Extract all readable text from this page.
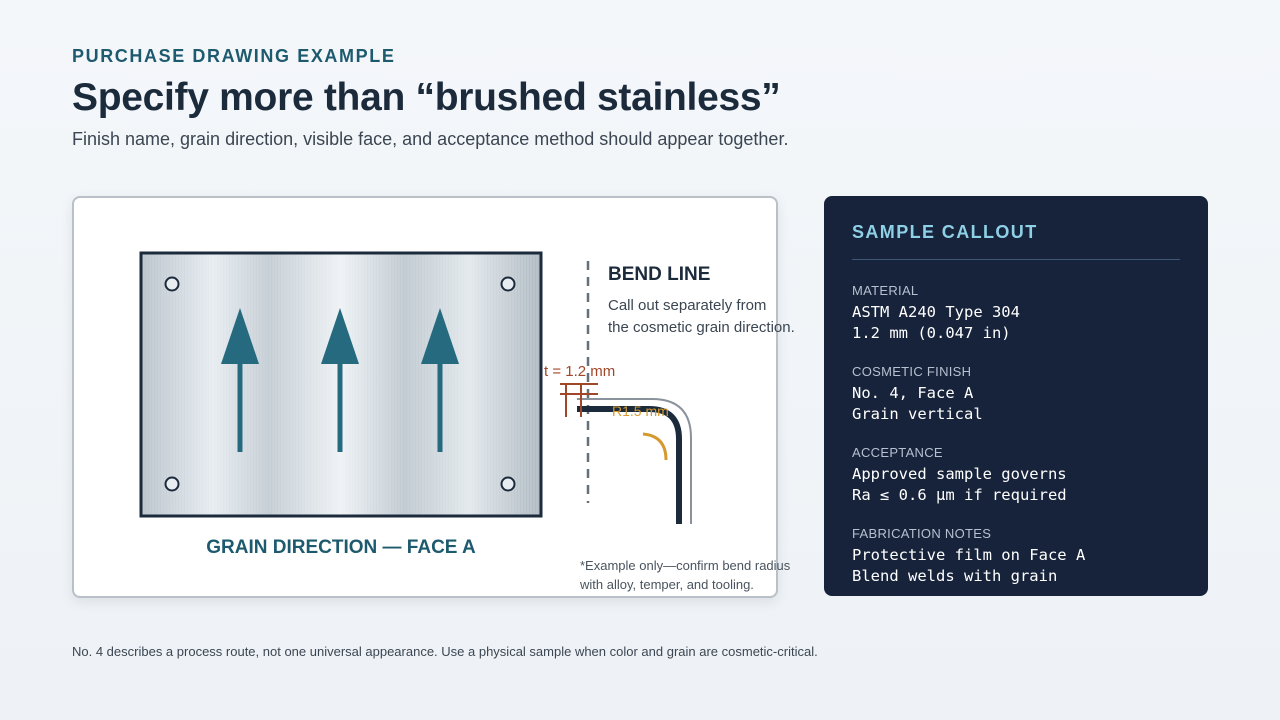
PURCHASE DRAWING EXAMPLE
Specify more than “brushed stainless”
Finish name, grain direction, visible face, and acceptance method should appear together.
GRAIN DIRECTION — FACE A
BEND LINE
Call out separately from
the cosmetic grain direction.
t = 1.2 mm
R1.5 mm
*Example only—confirm bend radius
with alloy, temper, and tooling.
SAMPLE CALLOUT
MATERIAL
ASTM A240 Type 304
1.2 mm (0.047 in)
COSMETIC FINISH
No. 4, Face A
Grain vertical
ACCEPTANCE
Approved sample governs
Ra ≤ 0.6 μm if required
FABRICATION NOTES
Protective film on Face A
Blend welds with grain
No. 4 describes a process route, not one universal appearance. Use a physical sample when color and grain are cosmetic-critical.
